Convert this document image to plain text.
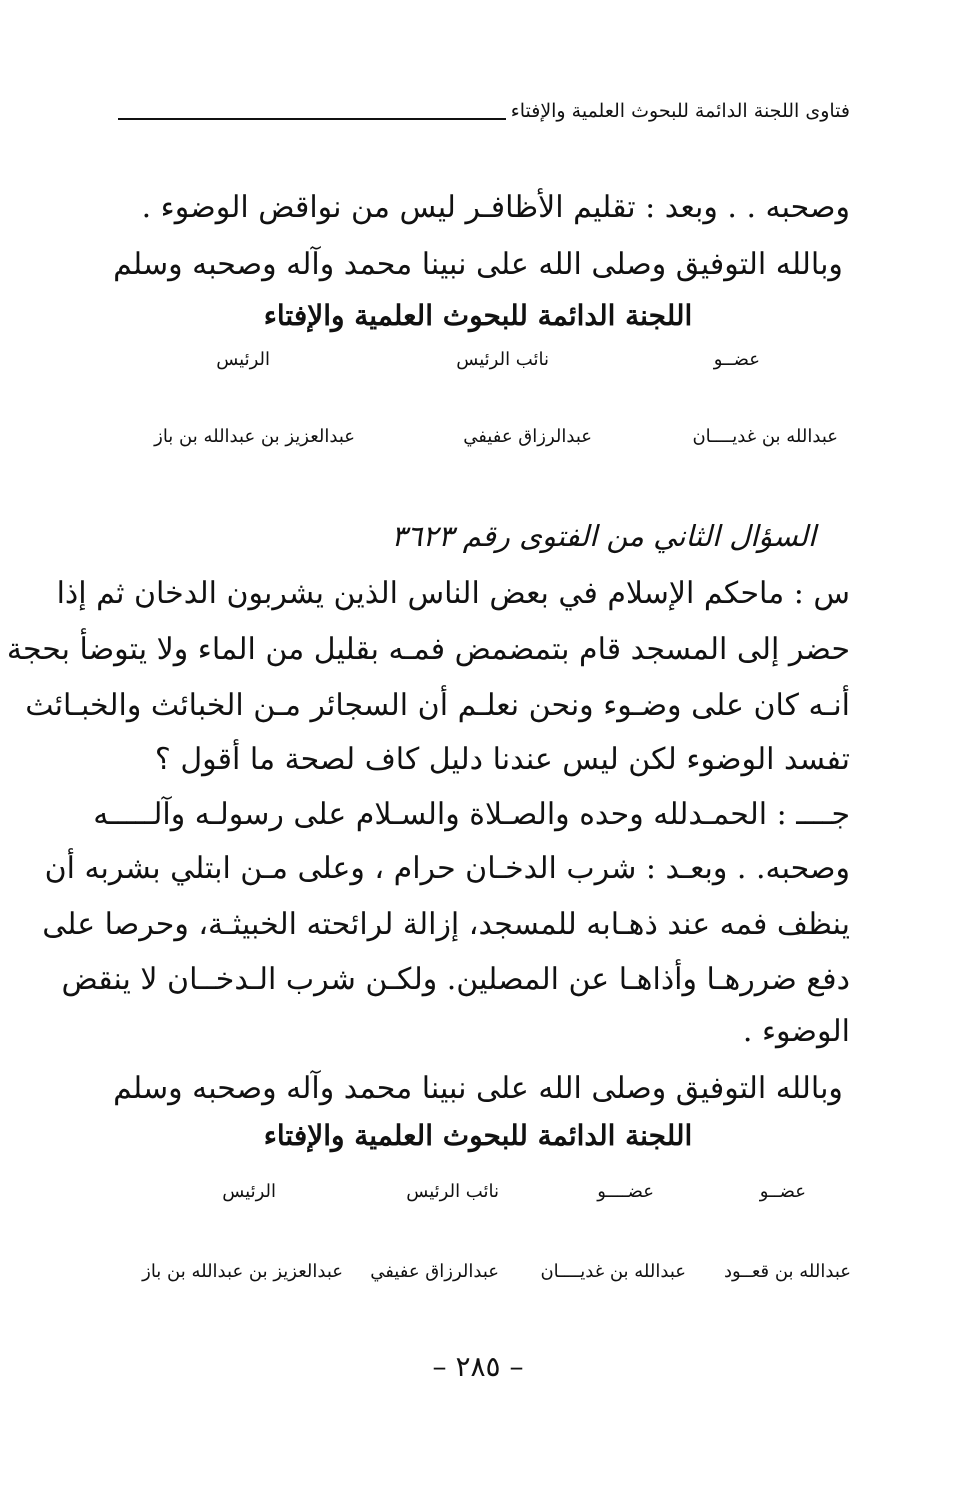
فتاوى اللجنة الدائمة للبحوث العلمية والإفتاء
وصحبه . . وبعد : تقليم الأظافـر ليس من نواقض الوضوء .
وبالله التوفيق وصلى الله على نبينا محمد وآله وصحبه وسلم
اللجنة الدائمة للبحوث العلمية والإفتاء
عضــو
نائب الرئيس
الرئيس
عبدالله بن غديــــان
عبدالرزاق عفيفي
عبدالعزيز بن عبدالله بن باز
السؤال الثاني من الفتوى رقم ٣٦٢٣
س : ماحكم الإسلام في بعض الناس الذين يشربون الدخان ثم إذا
حضر إلى المسجد قام بتمضمض فمـه بقليل من الماء ولا يتوضأ بحجة
أنـه كان على وضـوء ونحن نعلـم أن السجائر مـن الخبائث والخبـائث
تفسد الوضوء لكن ليس عندنا دليل كاف لصحة ما أقول ؟
جــــ : الحمـدلله وحده والصـلاة والسـلام على رسولـه وآلـــــه
وصحبه. . وبعـد : شرب الدخـان حرام ، وعلى مـن ابتلي بشربه أن
ينظف فمه عند ذهـابه للمسجد، إزالة لرائحته الخبيثـة، وحرصا على
دفع ضررهـا وأذاهـا عن المصلين. ولكـن شرب الـدخــان لا ينقض
الوضوء .
وبالله التوفيق وصلى الله على نبينا محمد وآله وصحبه وسلم
اللجنة الدائمة للبحوث العلمية والإفتاء
عضــو
عضــــو
نائب الرئيس
الرئيس
عبدالله بن قعــود
عبدالله بن غديــــان
عبدالرزاق عفيفي
عبدالعزيز بن عبدالله بن باز
– ٢٨٥ –
